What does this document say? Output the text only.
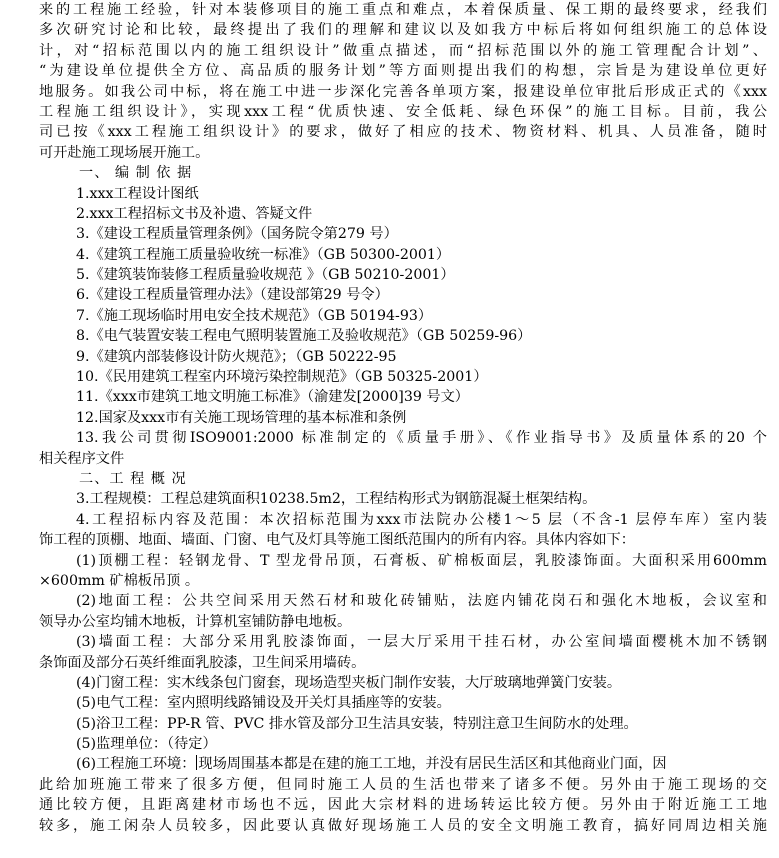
来的工程施工经验，针对本装修项目的施工重点和难点，本着保质量、保工期的最终要求，经我们
多次研究讨论和比较，最终提出了我们的理解和建议以及如我方中标后将如何组织施工的总体设
计，对“招标范围以内的施工组织设计”做重点描述，而“招标范围以外的施工管理配合计划”、
“为建设单位提供全方位、高品质的服务计划”等方面则提出我们的构想，宗旨是为建设单位更好
地服务。如我公司中标，将在施工中进一步深化完善各单项方案，报建设单位审批后形成正式的《xxx
工程施工组织设计》，实现xxx工程“优质快速、安全低耗、绿色环保”的施工目标。目前，我公
司已按《xxx工程施工组织设计》的要求，做好了相应的技术、物资材料、机具、人员准备，随时
可开赴施工现场展开施工。
一、 编 制 依 据
1.xxx工程设计图纸
2.xxx工程招标文书及补遗、答疑文件
3.《建设工程质量管理条例》（国务院令第279 号）
4.《建筑工程施工质量验收统一标准》（GB 50300-2001）
5.《建筑装饰装修工程质量验收规范 》（GB 50210-2001）
6.《建设工程质量管理办法》（建设部第29 号令）
7.《施工现场临时用电安全技术规范》（GB 50194-93）
8.《电气装置安装工程电气照明装置施工及验收规范》（GB 50259-96）
9.《建筑内部装修设计防火规范》；（GB 50222-95
10.《民用建筑工程室内环境污染控制规范》（GB 50325-2001）
11.《xxx市建筑工地文明施工标准》（渝建发[2000]39 号文）
12.国家及xxx市有关施工现场管理的基本标准和条例
13.我公司贯彻ISO9001:2000 标准制定的《质量手册》、《作业指导书》及质量体系的20 个
相关程序文件
二、工 程 概 况
3.工程规模：工程总建筑面积10238.5m2，工程结构形式为钢筋混凝土框架结构。
4.工程招标内容及范围：本次招标范围为xxx市法院办公楼1～5 层（不含-1 层停车库）室内装
饰工程的顶棚、地面、墙面、门窗、电气及灯具等施工图纸范围内的所有内容。具体内容如下：
(1)顶棚工程：轻钢龙骨、T 型龙骨吊顶，石膏板、矿棉板面层，乳胶漆饰面。大面积采用600mm
×600mm 矿棉板吊顶 。
(2)地面工程：公共空间采用天然石材和玻化砖铺贴，法庭内铺花岗石和强化木地板，会议室和
领导办公室均铺木地板，计算机室铺防静电地板。
(3)墙面工程：大部分采用乳胶漆饰面，一层大厅采用干挂石材，办公室间墙面樱桃木加不锈钢
条饰面及部分石英纤维面乳胶漆，卫生间采用墙砖。
(4)门窗工程：实木线条包门窗套，现场造型夹板门制作安装，大厅玻璃地弹簧门安装。
(5)电气工程：室内照明线路铺设及开关灯具插座等的安装。
(5)浴卫工程：PP-R 管、PVC 排水管及部分卫生洁具安装，特别注意卫生间防水的处理。
(5)监理单位：（待定）
(6)工程施工环境： 现场周围基本都是在建的施工工地，并没有居民生活区和其他商业门面，因
此给加班施工带来了很多方便，但同时施工人员的生活也带来了诸多不便。另外由于施工现场的交
通比较方便，且距离建材市场也不远，因此大宗材料的进场转运比较方便。另外由于附近施工工地
较多，施工闲杂人员较多，因此要认真做好现场施工人员的安全文明施工教育，搞好同周边相关施
